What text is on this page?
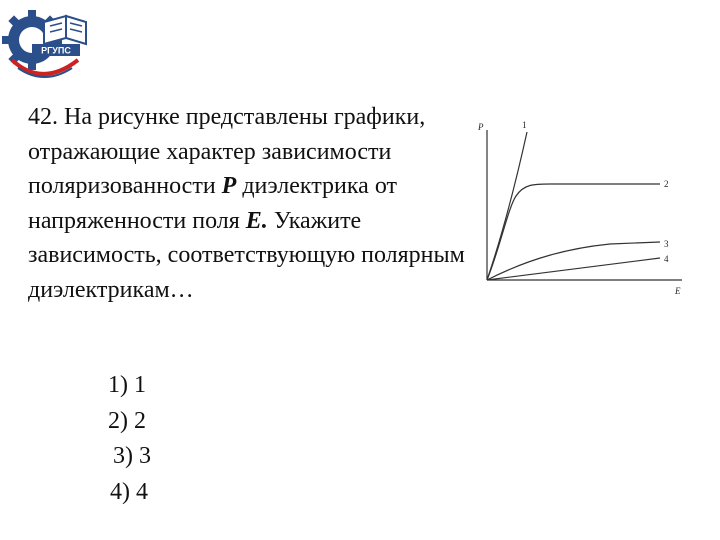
РГУПС

42. На рисунке представлены графики, отражающие характер зависимости поляризованности P диэлектрика от напряженности поля E. Укажите зависимость, соответствующую полярным диэлектрикам…

1) 1
2) 2
3) 3
4) 4
P
E
1
2
3
4
